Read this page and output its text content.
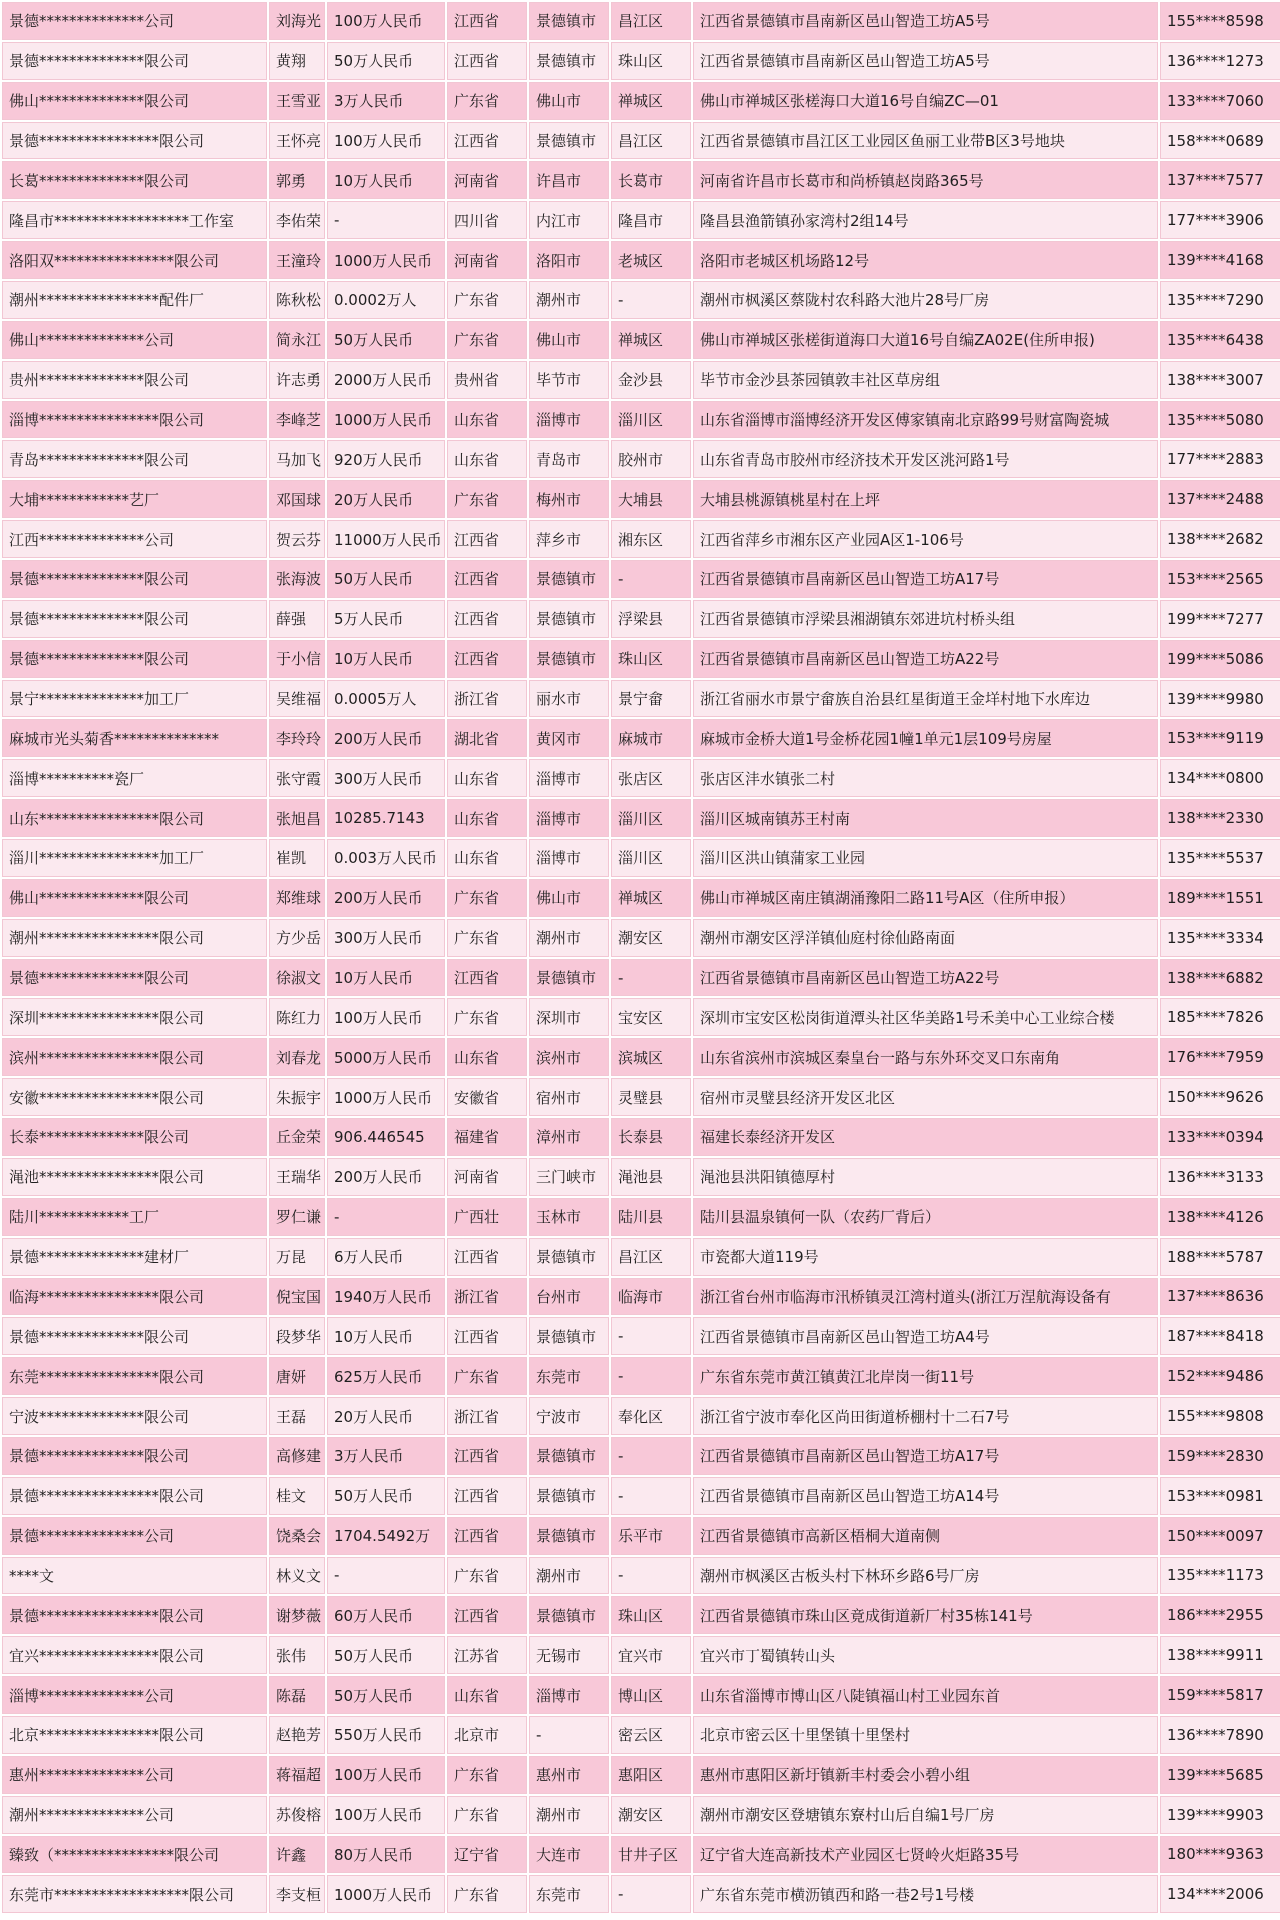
景德**************公司	刘海光	100万人民币	江西省	景德镇市	昌江区	江西省景德镇市昌南新区邑山智造工坊A5号	155****8598
景德**************限公司	黄翔	50万人民币	江西省	景德镇市	珠山区	江西省景德镇市昌南新区邑山智造工坊A5号	136****1273
佛山**************限公司	王雪亚	3万人民币	广东省	佛山市	禅城区	佛山市禅城区张槎海口大道16号自编ZC—01	133****7060
景德****************限公司	王怀亮	100万人民币	江西省	景德镇市	昌江区	江西省景德镇市昌江区工业园区鱼丽工业带B区3号地块	158****0689
长葛**************限公司	郭勇	10万人民币	河南省	许昌市	长葛市	河南省许昌市长葛市和尚桥镇赵岗路365号	137****7577
隆昌市******************工作室	李佑荣	-	四川省	内江市	隆昌市	隆昌县渔箭镇孙家湾村2组14号	177****3906
洛阳双****************限公司	王潼玲	1000万人民币	河南省	洛阳市	老城区	洛阳市老城区机场路12号	139****4168
潮州****************配件厂	陈秋松	0.0002万人	广东省	潮州市	-	潮州市枫溪区蔡陇村农科路大池片28号厂房	135****7290
佛山**************公司	简永江	50万人民币	广东省	佛山市	禅城区	佛山市禅城区张槎街道海口大道16号自编ZA02E(住所申报)	135****6438
贵州**************限公司	许志勇	2000万人民币	贵州省	毕节市	金沙县	毕节市金沙县茶园镇敦丰社区草房组	138****3007
淄博****************限公司	李峰芝	1000万人民币	山东省	淄博市	淄川区	山东省淄博市淄博经济开发区傅家镇南北京路99号财富陶瓷城	135****5080
青岛**************限公司	马加飞	920万人民币	山东省	青岛市	胶州市	山东省青岛市胶州市经济技术开发区洮河路1号	177****2883
大埔************艺厂	邓国球	20万人民币	广东省	梅州市	大埔县	大埔县桃源镇桃星村在上坪	137****2488
江西**************公司	贺云芬	11000万人民币	江西省	萍乡市	湘东区	江西省萍乡市湘东区产业园A区1-106号	138****2682
景德**************限公司	张海波	50万人民币	江西省	景德镇市	-	江西省景德镇市昌南新区邑山智造工坊A17号	153****2565
景德**************限公司	薛强	5万人民币	江西省	景德镇市	浮梁县	江西省景德镇市浮梁县湘湖镇东郊进坑村桥头组	199****7277
景德**************限公司	于小信	10万人民币	江西省	景德镇市	珠山区	江西省景德镇市昌南新区邑山智造工坊A22号	199****5086
景宁**************加工厂	吴维福	0.0005万人	浙江省	丽水市	景宁畲	浙江省丽水市景宁畲族自治县红星街道王金垟村地下水库边	139****9980
麻城市光头菊香**************	李玲玲	200万人民币	湖北省	黄冈市	麻城市	麻城市金桥大道1号金桥花园1幢1单元1层109号房屋	153****9119
淄博**********瓷厂	张守霞	300万人民币	山东省	淄博市	张店区	张店区沣水镇张二村	134****0800
山东****************限公司	张旭昌	10285.7143	山东省	淄博市	淄川区	淄川区城南镇苏王村南	138****2330
淄川****************加工厂	崔凯	0.003万人民币	山东省	淄博市	淄川区	淄川区洪山镇蒲家工业园	135****5537
佛山**************限公司	郑维球	200万人民币	广东省	佛山市	禅城区	佛山市禅城区南庄镇湖涌豫阳二路11号A区（住所申报）	189****1551
潮州****************限公司	方少岳	300万人民币	广东省	潮州市	潮安区	潮州市潮安区浮洋镇仙庭村徐仙路南面	135****3334
景德**************限公司	徐淑文	10万人民币	江西省	景德镇市	-	江西省景德镇市昌南新区邑山智造工坊A22号	138****6882
深圳****************限公司	陈红力	100万人民币	广东省	深圳市	宝安区	深圳市宝安区松岗街道潭头社区华美路1号禾美中心工业综合楼	185****7826
滨州****************限公司	刘春龙	5000万人民币	山东省	滨州市	滨城区	山东省滨州市滨城区秦皇台一路与东外环交叉口东南角	176****7959
安徽****************限公司	朱振宇	1000万人民币	安徽省	宿州市	灵璧县	宿州市灵璧县经济开发区北区	150****9626
长泰**************限公司	丘金荣	906.446545	福建省	漳州市	长泰县	福建长泰经济开发区	133****0394
渑池****************限公司	王瑞华	200万人民币	河南省	三门峡市	渑池县	渑池县洪阳镇德厚村	136****3133
陆川************工厂	罗仁谦	-	广西壮	玉林市	陆川县	陆川县温泉镇何一队（农药厂背后）	138****4126
景德**************建材厂	万昆	6万人民币	江西省	景德镇市	昌江区	市瓷都大道119号	188****5787
临海****************限公司	倪宝国	1940万人民币	浙江省	台州市	临海市	浙江省台州市临海市汛桥镇灵江湾村道头(浙江万涅航海设备有	137****8636
景德**************限公司	段梦华	10万人民币	江西省	景德镇市	-	江西省景德镇市昌南新区邑山智造工坊A4号	187****8418
东莞****************限公司	唐妍	625万人民币	广东省	东莞市	-	广东省东莞市黄江镇黄江北岸岗一街11号	152****9486
宁波**************限公司	王磊	20万人民币	浙江省	宁波市	奉化区	浙江省宁波市奉化区尚田街道桥棚村十二石7号	155****9808
景德**************限公司	高修建	3万人民币	江西省	景德镇市	-	江西省景德镇市昌南新区邑山智造工坊A17号	159****2830
景德****************限公司	桂文	50万人民币	江西省	景德镇市	-	江西省景德镇市昌南新区邑山智造工坊A14号	153****0981
景德**************公司	饶桑会	1704.5492万	江西省	景德镇市	乐平市	江西省景德镇市高新区梧桐大道南侧	150****0097
****文	林义文	-	广东省	潮州市	-	潮州市枫溪区古板头村下林环乡路6号厂房	135****1173
景德****************限公司	谢梦薇	60万人民币	江西省	景德镇市	珠山区	江西省景德镇市珠山区竟成街道新厂村35栋141号	186****2955
宜兴****************限公司	张伟	50万人民币	江苏省	无锡市	宜兴市	宜兴市丁蜀镇转山头	138****9911
淄博**************公司	陈磊	50万人民币	山东省	淄博市	博山区	山东省淄博市博山区八陡镇福山村工业园东首	159****5817
北京****************限公司	赵艳芳	550万人民币	北京市	-	密云区	北京市密云区十里堡镇十里堡村	136****7890
惠州**************公司	蒋福超	100万人民币	广东省	惠州市	惠阳区	惠州市惠阳区新圩镇新丰村委会小碧小组	139****5685
潮州**************公司	苏俊榕	100万人民币	广东省	潮州市	潮安区	潮州市潮安区登塘镇东寮村山后自编1号厂房	139****9903
臻致（****************限公司	许鑫	80万人民币	辽宁省	大连市	甘井子区	辽宁省大连高新技术产业园区七贤岭火炬路35号	180****9363
东莞市******************限公司	李支桓	1000万人民币	广东省	东莞市	-	广东省东莞市横沥镇西和路一巷2号1号楼	134****2006
